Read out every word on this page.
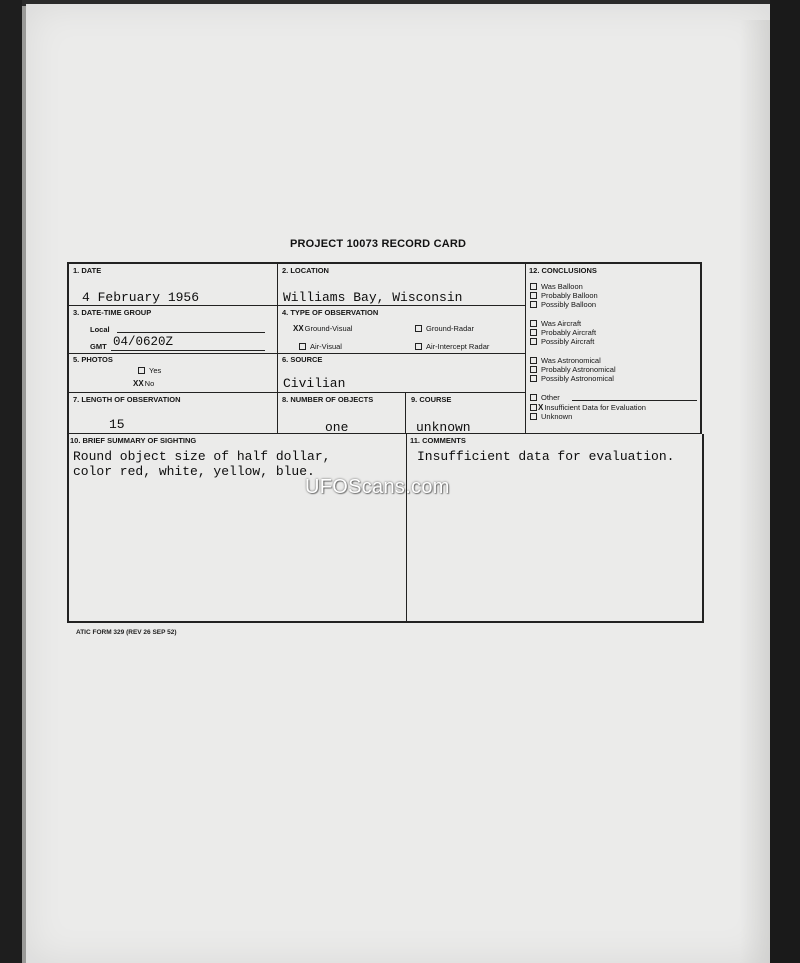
PROJECT 10073 RECORD CARD
1. DATE
4 February 1956
2. LOCATION
Williams Bay, Wisconsin
3. DATE-TIME GROUP
Local
GMT 04/0620Z
4. TYPE OF OBSERVATION
XXGround-Visual	Ground-Radar
Air-Visual	Air-Intercept Radar
5. PHOTOS
Yes
XXNo
6. SOURCE
Civilian
7. LENGTH OF OBSERVATION
15
8. NUMBER OF OBJECTS
one
9. COURSE
unknown
10. BRIEF SUMMARY OF SIGHTING
Round object size of half dollar,
color red, white, yellow, blue.
11. COMMENTS
Insufficient data for evaluation.
12. CONCLUSIONS
Was Balloon
Probably Balloon
Possibly Balloon
Was Aircraft
Probably Aircraft
Possibly Aircraft
Was Astronomical
Probably Astronomical
Possibly Astronomical
Other
XInsufficient Data for Evaluation
Unknown
ATIC FORM 329 (REV 26 SEP 52)
UFOScans.com
